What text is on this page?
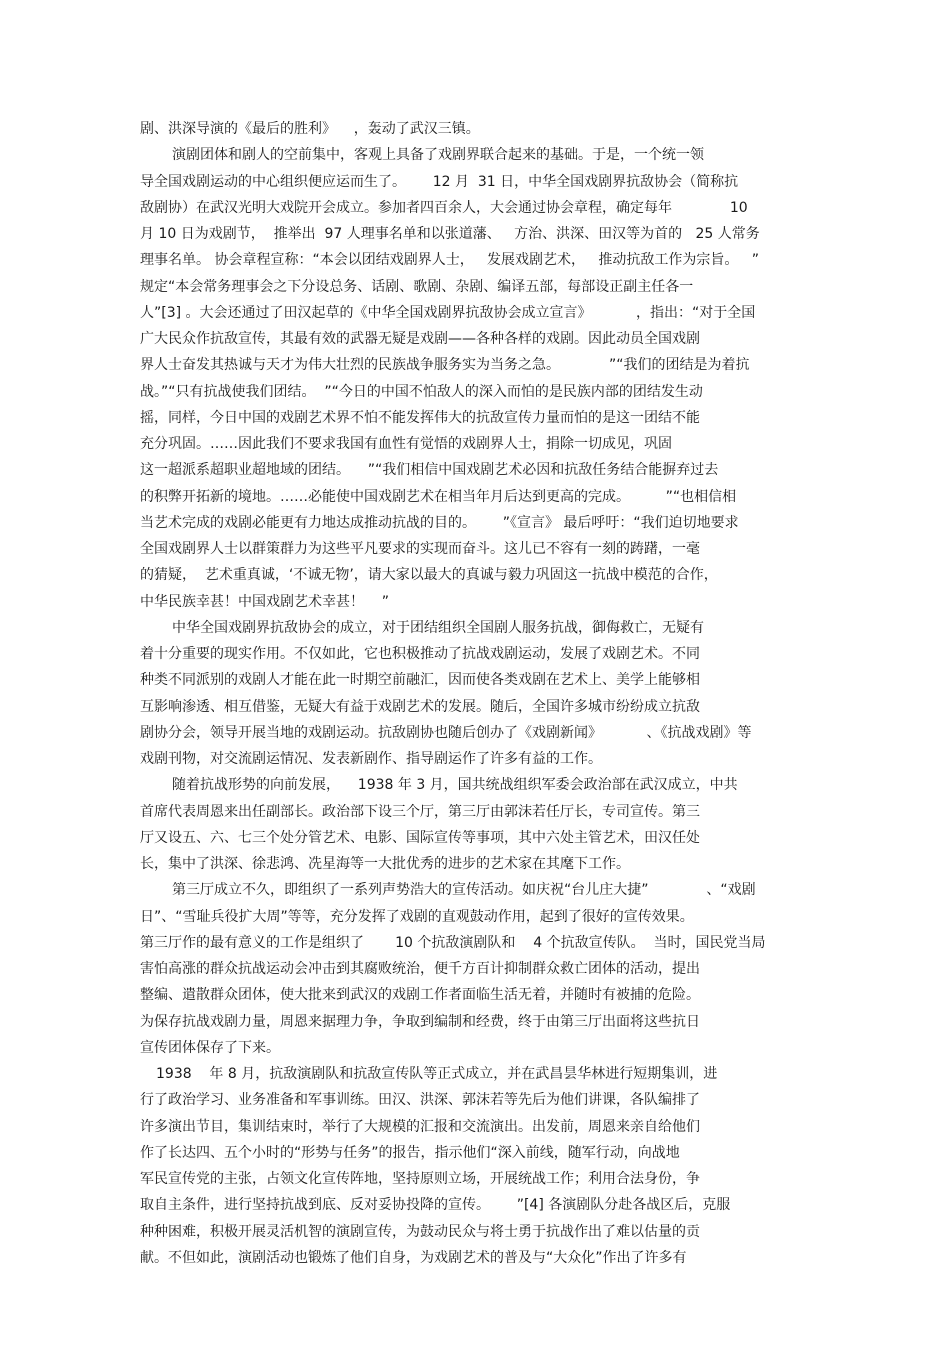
剧、洪深导演的《最后的胜利》    ，轰动了武汉三镇。
演剧团体和剧人的空前集中，客观上具备了戏剧界联合起来的基础。于是，一个统一领
导全国戏剧运动的中心组织便应运而生了。      12 月  31 日，中华全国戏剧界抗敌协会（简称抗
敌剧协）在武汉光明大戏院开会成立。参加者四百余人，大会通过协会章程，确定每年             10
月 10 日为戏剧节，  推举出  97 人理事名单和以张道藩、   方治、洪深、田汉等为首的   25 人常务
理事名单。 协会章程宣称：“本会以团结戏剧界人士，   发展戏剧艺术，   推动抗敌工作为宗旨。   ”
规定“本会常务理事会之下分设总务、话剧、歌剧、杂剧、编译五部，每部设正副主任各一
人”[3] 。大会还通过了田汉起草的《中华全国戏剧界抗敌协会成立宣言》          ，指出：“对于全国
广大民众作抗敌宣传，其最有效的武器无疑是戏剧——各种各样的戏剧。因此动员全国戏剧
界人士奋发其热诚与天才为伟大壮烈的民族战争服务实为当务之急。           ”“我们的团结是为着抗
战。”“只有抗战使我们团结。  ”“今日的中国不怕敌人的深入而怕的是民族内部的团结发生动
摇，同样，今日中国的戏剧艺术界不怕不能发挥伟大的抗敌宣传力量而怕的是这一团结不能
充分巩固。……因此我们不要求我国有血性有觉悟的戏剧界人士，捐除一切成见，巩固
这一超派系超职业超地域的团结。    ”“我们相信中国戏剧艺术必因和抗敌任务结合能摒弃过去
的积弊开拓新的境地。……必能使中国戏剧艺术在相当年月后达到更高的完成。        ”“也相信相
当艺术完成的戏剧必能更有力地达成推动抗战的目的。      ”《宣言》 最后呼吁：“我们迫切地要求
全国戏剧界人士以群策群力为这些平凡要求的实现而奋斗。这儿已不容有一刻的踌躇，一毫
的猜疑，  艺术重真诚，‘不诚无物’，请大家以最大的真诚与毅力巩固这一抗战中模范的合作，
中华民族幸甚！中国戏剧艺术幸甚！    ”
中华全国戏剧界抗敌协会的成立，对于团结组织全国剧人服务抗战，御侮救亡，无疑有
着十分重要的现实作用。不仅如此，它也积极推动了抗战戏剧运动，发展了戏剧艺术。不同
种类不同派别的戏剧人才能在此一时期空前融汇，因而使各类戏剧在艺术上、美学上能够相
互影响渗透、相互借鉴，无疑大有益于戏剧艺术的发展。随后，全国许多城市纷纷成立抗敌
剧协分会，领导开展当地的戏剧运动。抗敌剧协也随后创办了《戏剧新闻》          、《抗战戏剧》等
戏剧刊物，对交流剧运情况、发表新剧作、指导剧运作了许多有益的工作。
随着抗战形势的向前发展，    1938 年 3 月，国共统战组织军委会政治部在武汉成立，中共
首席代表周恩来出任副部长。政治部下设三个厅，第三厅由郭沫若任厅长，专司宣传。第三
厅又设五、六、七三个处分管艺术、电影、国际宣传等事项，其中六处主管艺术，田汉任处
长，集中了洪深、徐悲鸿、冼星海等一大批优秀的进步的艺术家在其麾下工作。
第三厅成立不久，即组织了一系列声势浩大的宣传活动。如庆祝“台儿庄大捷”             、“戏剧
日”、“雪耻兵役扩大周”等等，充分发挥了戏剧的直观鼓动作用，起到了很好的宣传效果。
第三厅作的最有意义的工作是组织了       10 个抗敌演剧队和    4 个抗敌宣传队。  当时，国民党当局
害怕高涨的群众抗战运动会冲击到其腐败统治，便千方百计抑制群众救亡团体的活动，提出
整编、遣散群众团体，使大批来到武汉的戏剧工作者面临生活无着，并随时有被捕的危险。
为保存抗战戏剧力量，周恩来据理力争，争取到编制和经费，终于由第三厅出面将这些抗日
宣传团体保存了下来。
1938    年 8 月，抗敌演剧队和抗敌宣传队等正式成立，并在武昌昙华林进行短期集训，进
行了政治学习、业务准备和军事训练。田汉、洪深、郭沫若等先后为他们讲课，各队编排了
许多演出节目，集训结束时，举行了大规模的汇报和交流演出。出发前，周恩来亲自给他们
作了长达四、五个小时的“形势与任务”的报告，指示他们“深入前线，随军行动，向战地
军民宣传党的主张，占领文化宣传阵地，坚持原则立场，开展统战工作；利用合法身份，争
取自主条件，进行坚持抗战到底、反对妥协投降的宣传。      ”[4] 各演剧队分赴各战区后，克服
种种困难，积极开展灵活机智的演剧宣传，为鼓动民众与将士勇于抗战作出了难以估量的贡
献。不但如此，演剧活动也锻炼了他们自身，为戏剧艺术的普及与“大众化”作出了许多有
